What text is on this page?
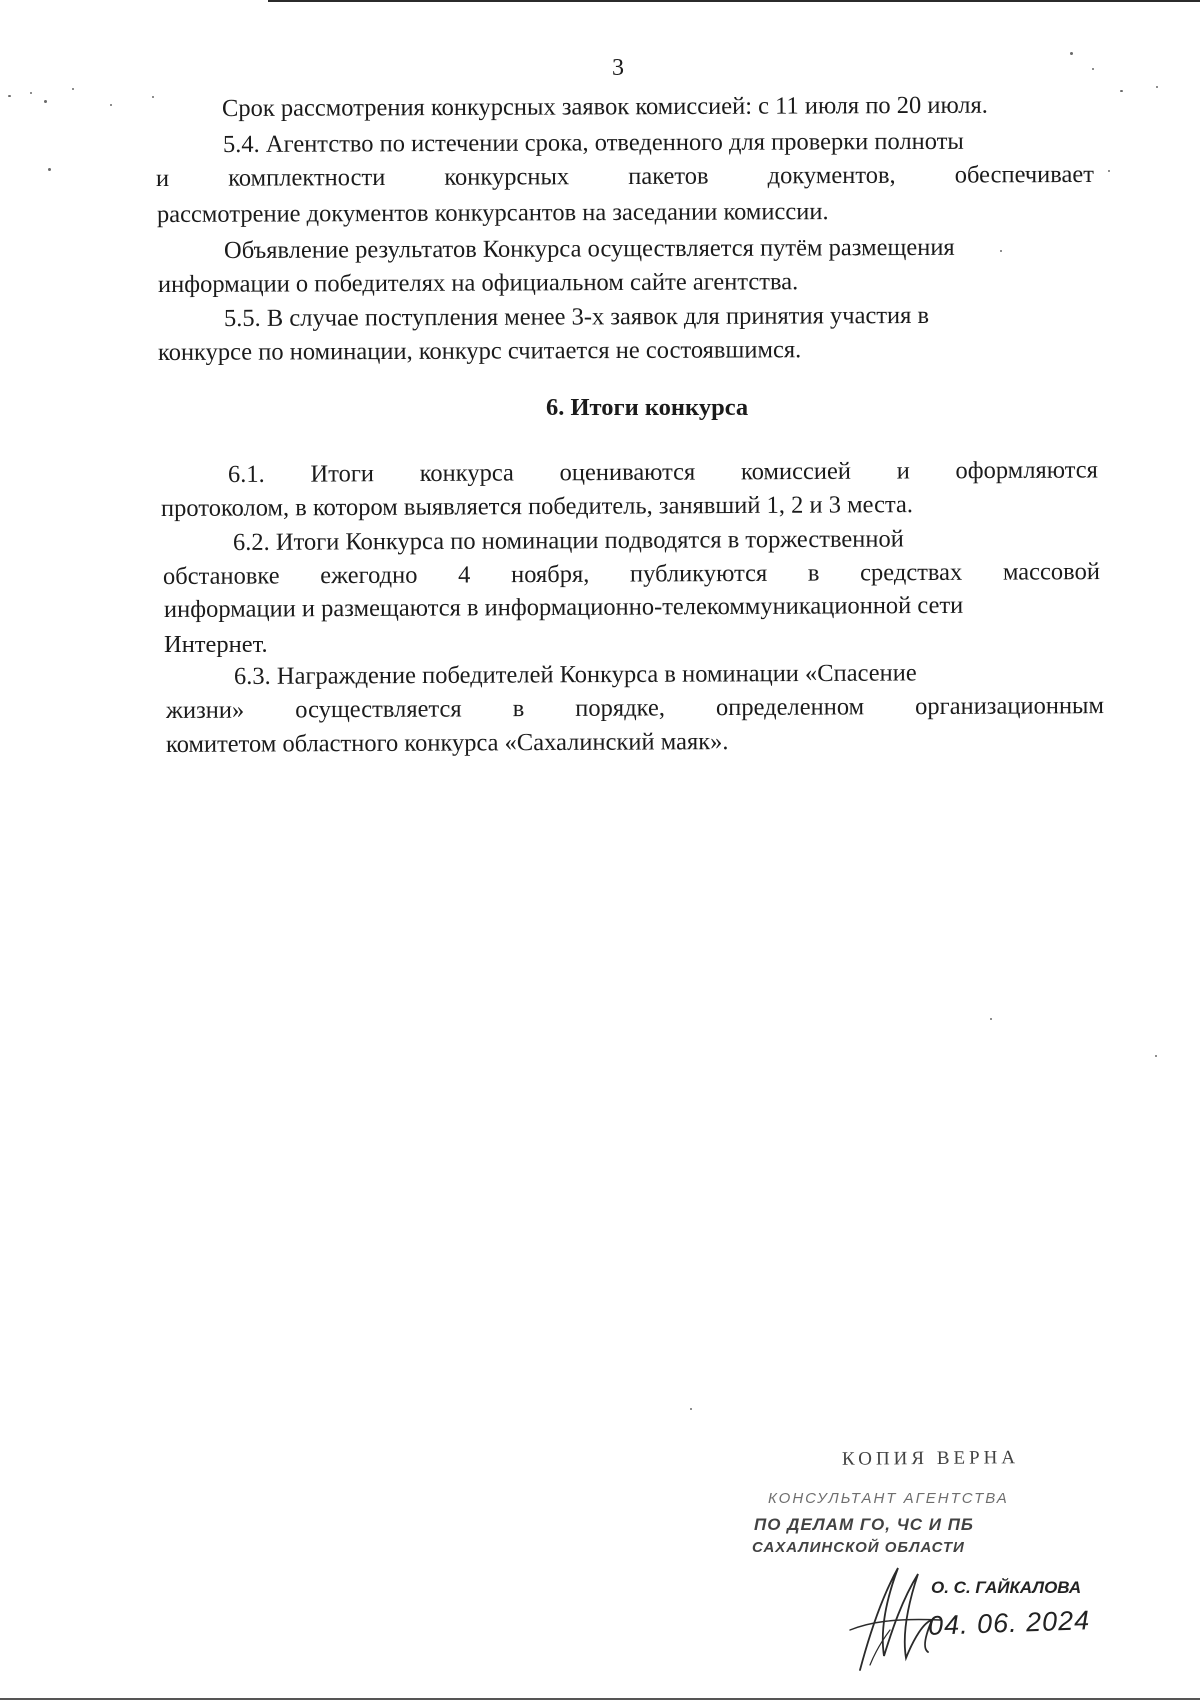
3
Срок рассмотрения конкурсных заявок комиссией: с 11 июля по 20 июля.
5.4. Агентство по истечении срока, отведенного для проверки полноты
и комплектности конкурсных пакетов документов, обеспечивает
рассмотрение документов конкурсантов на заседании комиссии.
Объявление результатов Конкурса осуществляется путём размещения
информации о победителях на официальном сайте агентства.
5.5. В случае поступления менее 3-х заявок для принятия участия в
конкурсе по номинации, конкурс считается не состоявшимся.
6. Итоги конкурса
6.1. Итоги конкурса оцениваются комиссией и оформляются
протоколом, в котором выявляется победитель, занявший 1, 2 и 3 места.
6.2. Итоги Конкурса по номинации подводятся в торжественной
обстановке ежегодно 4 ноября, публикуются в средствах массовой
информации и размещаются в информационно-телекоммуникационной сети
Интернет.
6.3. Награждение победителей Конкурса в номинации «Спасение
жизни» осуществляется в порядке, определенном организационным
комитетом областного конкурса «Сахалинский маяк».
КОПИЯ ВЕРНА
КОНСУЛЬТАНТ АГЕНТСТВА
ПО ДЕЛАМ ГО, ЧС И ПБ
САХАЛИНСКОЙ ОБЛАСТИ
О. С. ГАЙКАЛОВА
04. 06. 2024
